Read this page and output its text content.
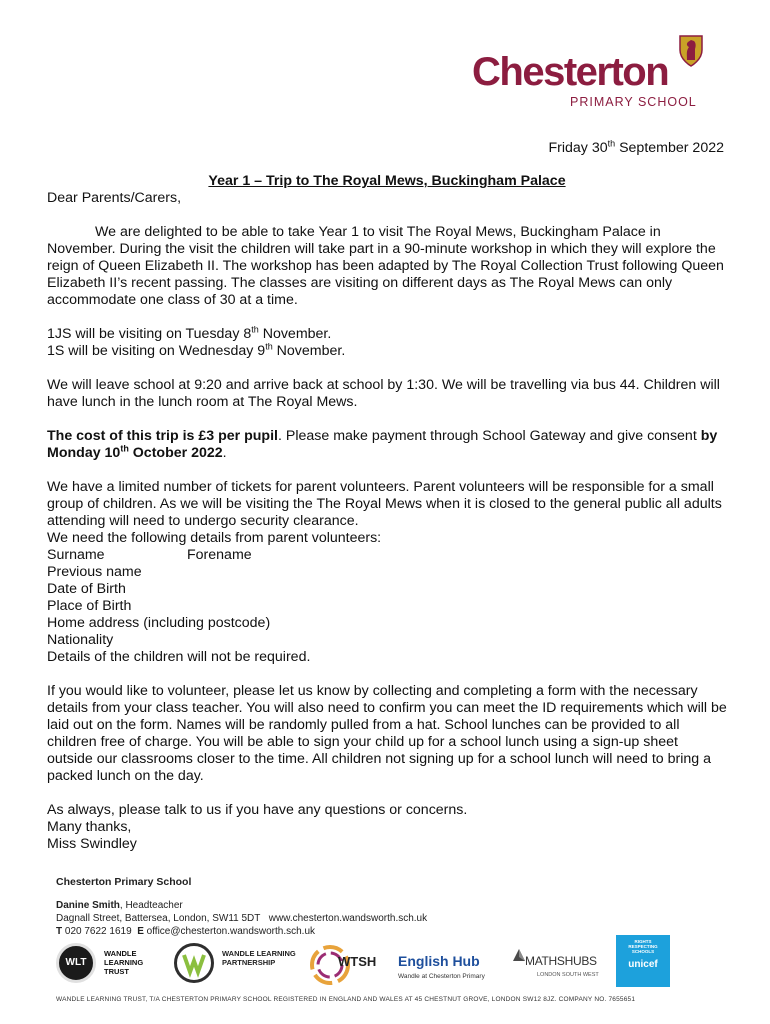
Chesterton
PRIMARY SCHOOL

Friday 30th September 2022

Year 1 – Trip to The Royal Mews, Buckingham Palace

Dear Parents/Carers,

We are delighted to be able to take Year 1 to visit The Royal Mews, Buckingham Palace in November. During the visit the children will take part in a 90-minute workshop in which they will explore the reign of Queen Elizabeth II. The workshop has been adapted by The Royal Collection Trust following Queen Elizabeth II’s recent passing. The classes are visiting on different days as The Royal Mews can only accommodate one class of 30 at a time.

1JS will be visiting on Tuesday 8th November.

1S will be visiting on Wednesday 9th November.

We will leave school at 9:20 and arrive back at school by 1:30. We will be travelling via bus 44. Children will have lunch in the lunch room at The Royal Mews.

The cost of this trip is £3 per pupil. Please make payment through School Gateway and give consent by Monday 10th October 2022.

We have a limited number of tickets for parent volunteers. Parent volunteers will be responsible for a small group of children. As we will be visiting the The Royal Mews when it is closed to the general public all adults attending will need to undergo security clearance.

We need the following details from parent volunteers:

Surname	Forename

Previous name

Date of Birth

Place of Birth

Home address (including postcode)

Nationality

Details of the children will not be required.

If you would like to volunteer, please let us know by collecting and completing a form with the necessary details from your class teacher. You will also need to confirm you can meet the ID requirements which will be laid out on the form. Names will be randomly pulled from a hat. School lunches can be provided to all children free of charge. You will be able to sign your child up for a school lunch using a sign-up sheet outside our classrooms closer to the time. All children not signing up for a school lunch will need to bring a packed lunch on the day.

As always, please talk to us if you have any questions or concerns.

Many thanks,

Miss Swindley

Chesterton Primary School
Danine Smith, Headteacher
Dagnall Street, Battersea, London, SW11 5DT www.chesterton.wandsworth.sch.uk
T 020 7622 1619 E office@chesterton.wandsworth.sch.uk
WLT
WANDLE LEARNING TRUST
WANDLE LEARNING PARTNERSHIP	WTSH English Hub
Wandle at Chesterton Primary
MATHSHUBS
LONDON SOUTH WEST
RIGHTS RESPECTING SCHOOLS
unicef
WANDLE LEARNING TRUST, T/A CHESTERTON PRIMARY SCHOOL REGISTERED IN ENGLAND AND WALES AT 45 CHESTNUT GROVE, LONDON SW12 8JZ. COMPANY NO. 7655651
